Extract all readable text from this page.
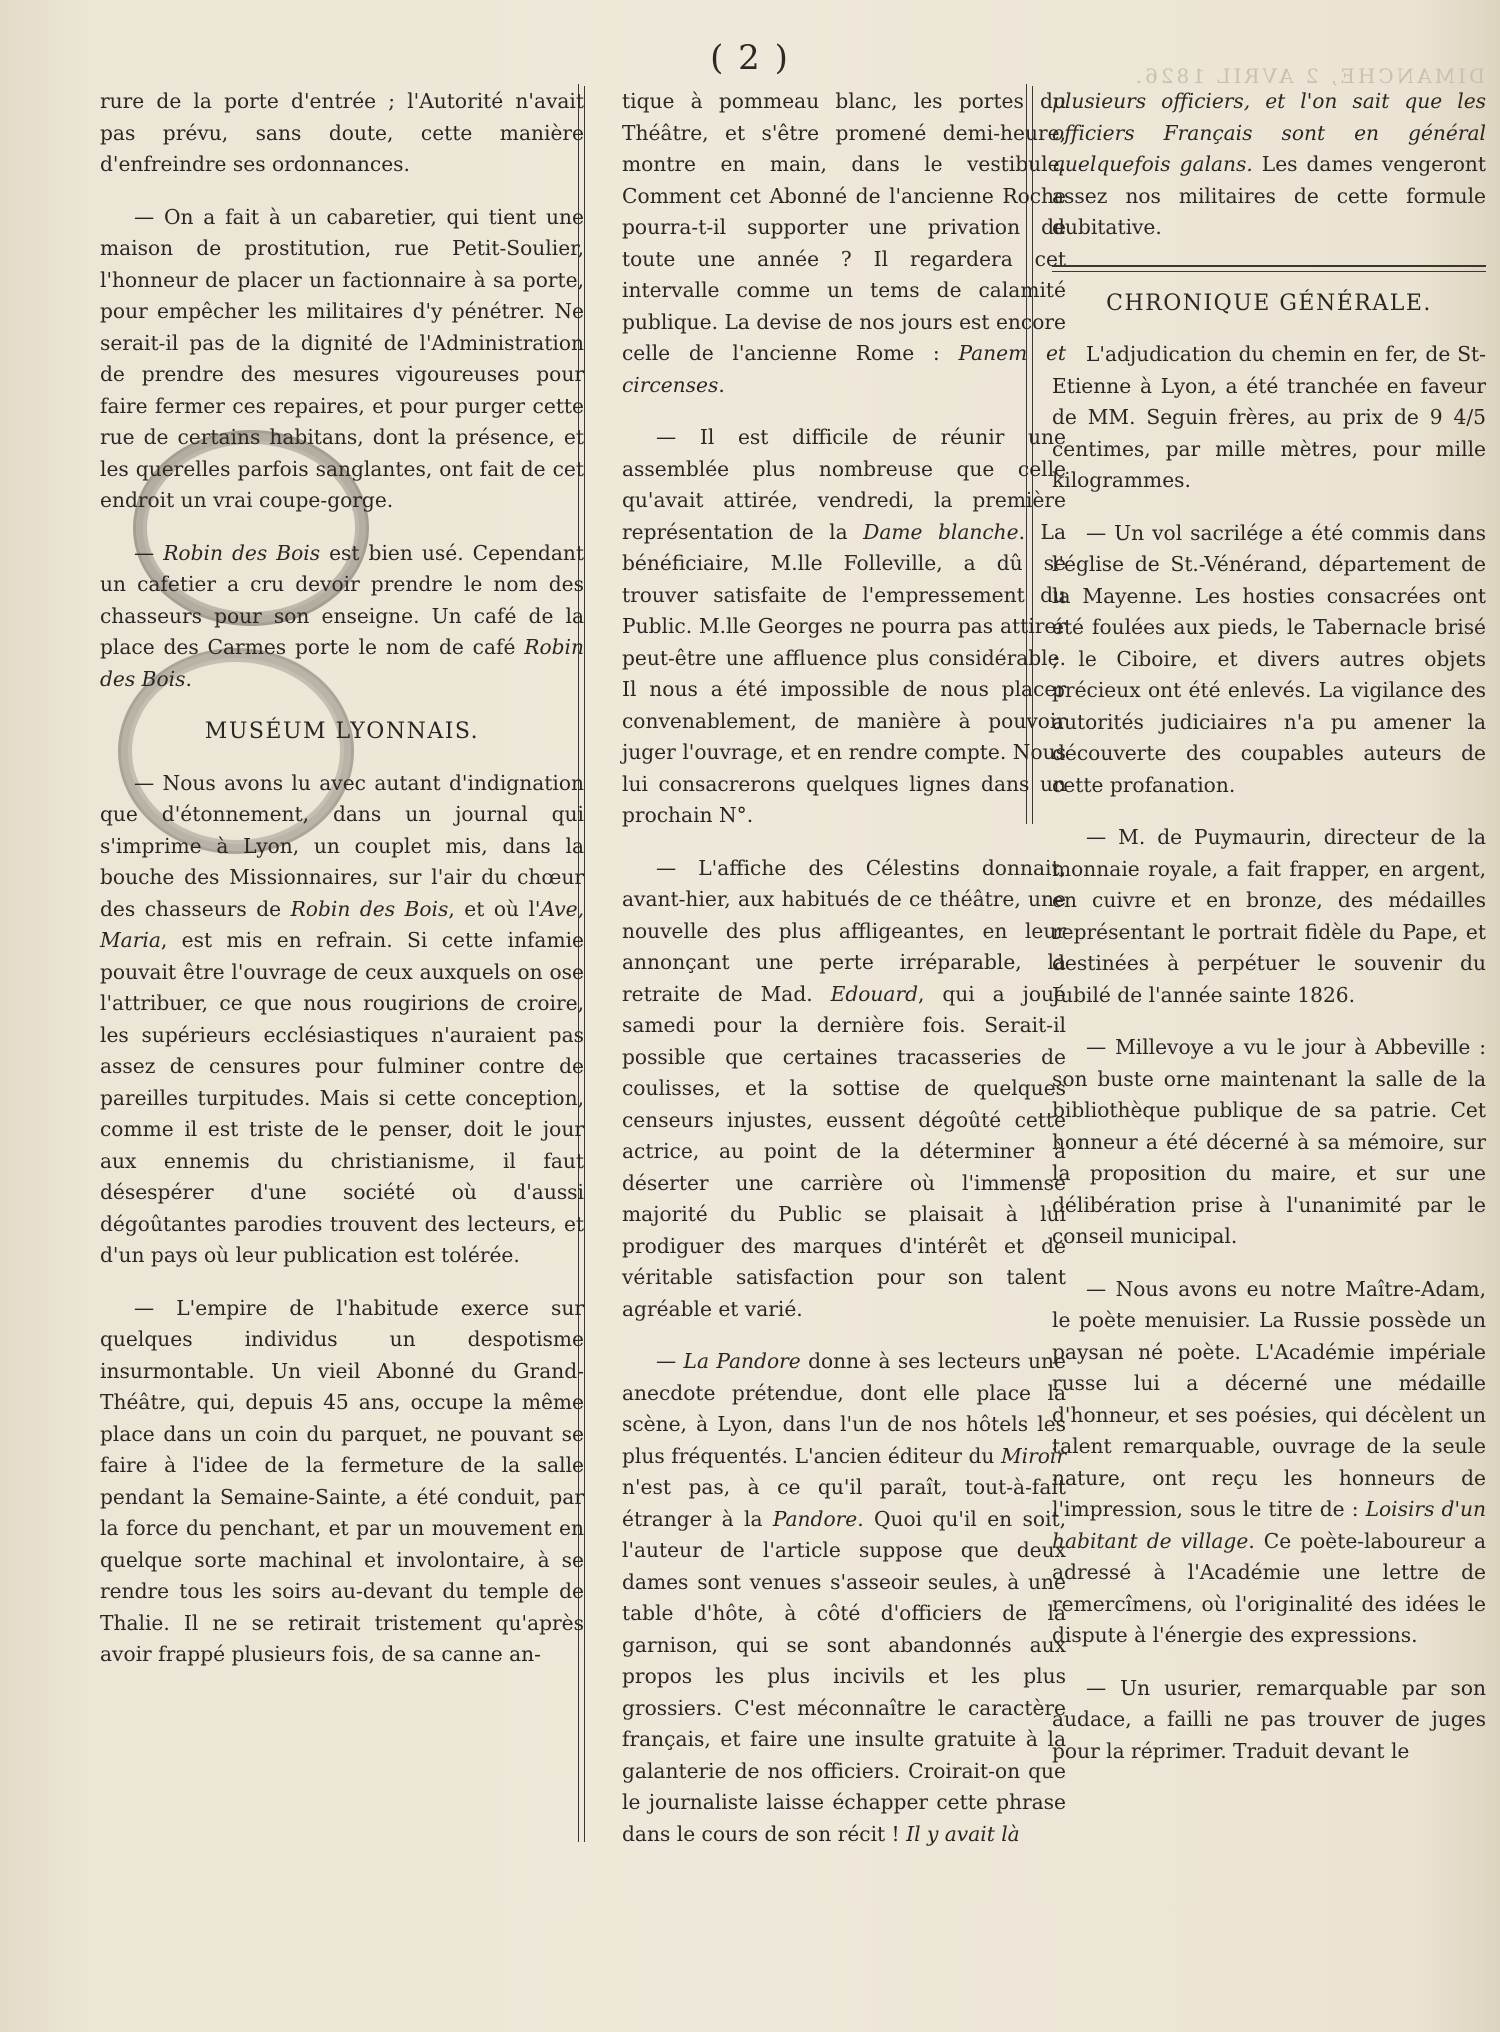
( 2 )	DIMANCHE, 2 AVRIL 1826.

rure de la porte d'entrée ; l'Autorité n'avait pas prévu, sans doute, cette manière d'enfreindre ses ordonnances.

— On a fait à un cabaretier, qui tient une maison de prostitution, rue Petit-Soulier, l'honneur de placer un factionnaire à sa porte, pour empêcher les militaires d'y pénétrer. Ne serait-il pas de la dignité de l'Administration de prendre des mesures vigoureuses pour faire fermer ces repaires, et pour purger cette rue de certains habitans, dont la présence, et les querelles parfois sanglantes, ont fait de cet endroit un vrai coupe-gorge.

— Robin des Bois est bien usé. Cependant un cafetier a cru devoir prendre le nom des chasseurs pour son enseigne. Un café de la place des Carmes porte le nom de café Robin des Bois.

MUSÉUM LYONNAIS.

— Nous avons lu avec autant d'indignation que d'étonnement, dans un journal qui s'imprime à Lyon, un couplet mis, dans la bouche des Missionnaires, sur l'air du chœur des chasseurs de Robin des Bois, et où l'Ave, Maria, est mis en refrain. Si cette infamie pouvait être l'ouvrage de ceux auxquels on ose l'attribuer, ce que nous rougirions de croire, les supérieurs ecclésiastiques n'auraient pas assez de censures pour fulminer contre de pareilles turpitudes. Mais si cette conception, comme il est triste de le penser, doit le jour aux ennemis du christianisme, il faut désespérer d'une société où d'aussi dégoûtantes parodies trouvent des lecteurs, et d'un pays où leur publication est tolérée.

— L'empire de l'habitude exerce sur quelques individus un despotisme insurmontable. Un vieil Abonné du Grand-Théâtre, qui, depuis 45 ans, occupe la même place dans un coin du parquet, ne pouvant se faire à l'idee de la fermeture de la salle pendant la Semaine-Sainte, a été conduit, par la force du penchant, et par un mouvement en quelque sorte machinal et involontaire, à se rendre tous les soirs au-devant du temple de Thalie. Il ne se retirait tristement qu'après avoir frappé plusieurs fois, de sa canne an-

tique à pommeau blanc, les portes du Théâtre, et s'être promené demi-heure, montre en main, dans le vestibule. Comment cet Abonné de l'ancienne Roche pourra-t-il supporter une privation de toute une année ? Il regardera cet intervalle comme un tems de calamité publique. La devise de nos jours est encore celle de l'ancienne Rome : Panem et circenses.

— Il est difficile de réunir une assemblée plus nombreuse que celle qu'avait attirée, vendredi, la première représentation de la Dame blanche. La bénéficiaire, M.lle Folleville, a dû se trouver satisfaite de l'empressement du Public. M.lle Georges ne pourra pas attirer peut-être une affluence plus considérable. Il nous a été impossible de nous placer convenablement, de manière à pouvoir juger l'ouvrage, et en rendre compte. Nous lui consacrerons quelques lignes dans un prochain N°.

— L'affiche des Célestins donnait, avant-hier, aux habitués de ce théâtre, une nouvelle des plus affligeantes, en leur annonçant une perte irréparable, la retraite de Mad. Edouard, qui a joué samedi pour la dernière fois. Serait-il possible que certaines tracasseries de coulisses, et la sottise de quelques censeurs injustes, eussent dégoûté cette actrice, au point de la déterminer à déserter une carrière où l'immense majorité du Public se plaisait à lui prodiguer des marques d'intérêt et de véritable satisfaction pour son talent agréable et varié.

— La Pandore donne à ses lecteurs une anecdote prétendue, dont elle place la scène, à Lyon, dans l'un de nos hôtels les plus fréquentés. L'ancien éditeur du Miroir n'est pas, à ce qu'il paraît, tout-à-fait étranger à la Pandore. Quoi qu'il en soit, l'auteur de l'article suppose que deux dames sont venues s'asseoir seules, à une table d'hôte, à côté d'officiers de la garnison, qui se sont abandonnés aux propos les plus incivils et les plus grossiers. C'est méconnaître le caractère français, et faire une insulte gratuite à la galanterie de nos officiers. Croirait-on que le journaliste laisse échapper cette phrase dans le cours de son récit ! Il y avait là

plusieurs officiers, et l'on sait que les officiers Français sont en général quelquefois galans. Les dames vengeront assez nos militaires de cette formule dubitative.

CHRONIQUE GÉNÉRALE.

L'adjudication du chemin en fer, de St-Etienne à Lyon, a été tranchée en faveur de MM. Seguin frères, au prix de 9 4/5 centimes, par mille mètres, pour mille kilogrammes.

— Un vol sacrilége a été commis dans l'église de St.-Vénérand, département de la Mayenne. Les hosties consacrées ont été foulées aux pieds, le Tabernacle brisé ; le Ciboire, et divers autres objets précieux ont été enlevés. La vigilance des autorités judiciaires n'a pu amener la découverte des coupables auteurs de cette profanation.

— M. de Puymaurin, directeur de la monnaie royale, a fait frapper, en argent, en cuivre et en bronze, des médailles représentant le portrait fidèle du Pape, et destinées à perpétuer le souvenir du Jubilé de l'année sainte 1826.

— Millevoye a vu le jour à Abbeville : son buste orne maintenant la salle de la bibliothèque publique de sa patrie. Cet honneur a été décerné à sa mémoire, sur la proposition du maire, et sur une délibération prise à l'unanimité par le conseil municipal.

— Nous avons eu notre Maître-Adam, le poète menuisier. La Russie possède un paysan né poète. L'Académie impériale russe lui a décerné une médaille d'honneur, et ses poésies, qui décèlent un talent remarquable, ouvrage de la seule nature, ont reçu les honneurs de l'impression, sous le titre de : Loisirs d'un habitant de village. Ce poète-laboureur a adressé à l'Académie une lettre de remercîmens, où l'originalité des idées le dispute à l'énergie des expressions.

— Un usurier, remarquable par son audace, a failli ne pas trouver de juges pour la réprimer. Traduit devant le
